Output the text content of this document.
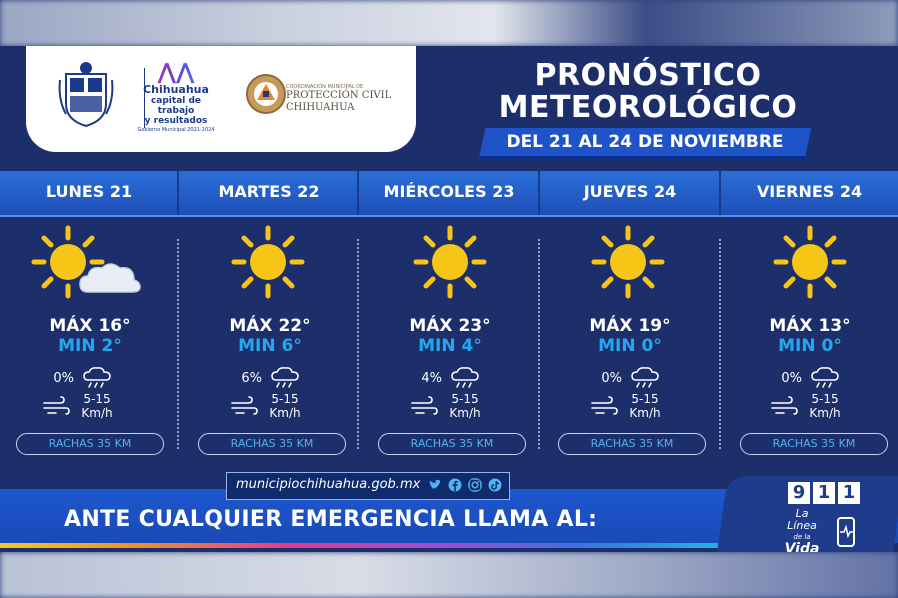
⋀⋀
Chihuahua
capital de trabajo
y resultados
Gobierno Municipal 2021-2024
COORDINACIÓN MUNICIPAL DE
PROTECCIÓN CIVIL
CHIHUAHUA
PRONÓSTICO
METEOROLÓGICO
DEL 21 AL 24 DE NOVIEMBRE
LUNES 21	MARTES 22	MIÉRCOLES 23	JUEVES 24	VIERNES 24
MÁX 16°
MIN 2°
0%
5-15
Km/h
RACHAS 35 KM
MÁX 22°
MIN 6°
6%
5-15
Km/h
RACHAS 35 KM
MÁX 23°
MIN 4°
4%
5-15
Km/h
RACHAS 35 KM
MÁX 19°
MIN 0°
0%
5-15
Km/h
RACHAS 35 KM
MÁX 13°
MIN 0°
0%
5-15
Km/h
RACHAS 35 KM
municipiochihuahua.gob.mx
ANTE CUALQUIER EMERGENCIA LLAMA AL:
9 1 1
La
Línea
de la
Vida
